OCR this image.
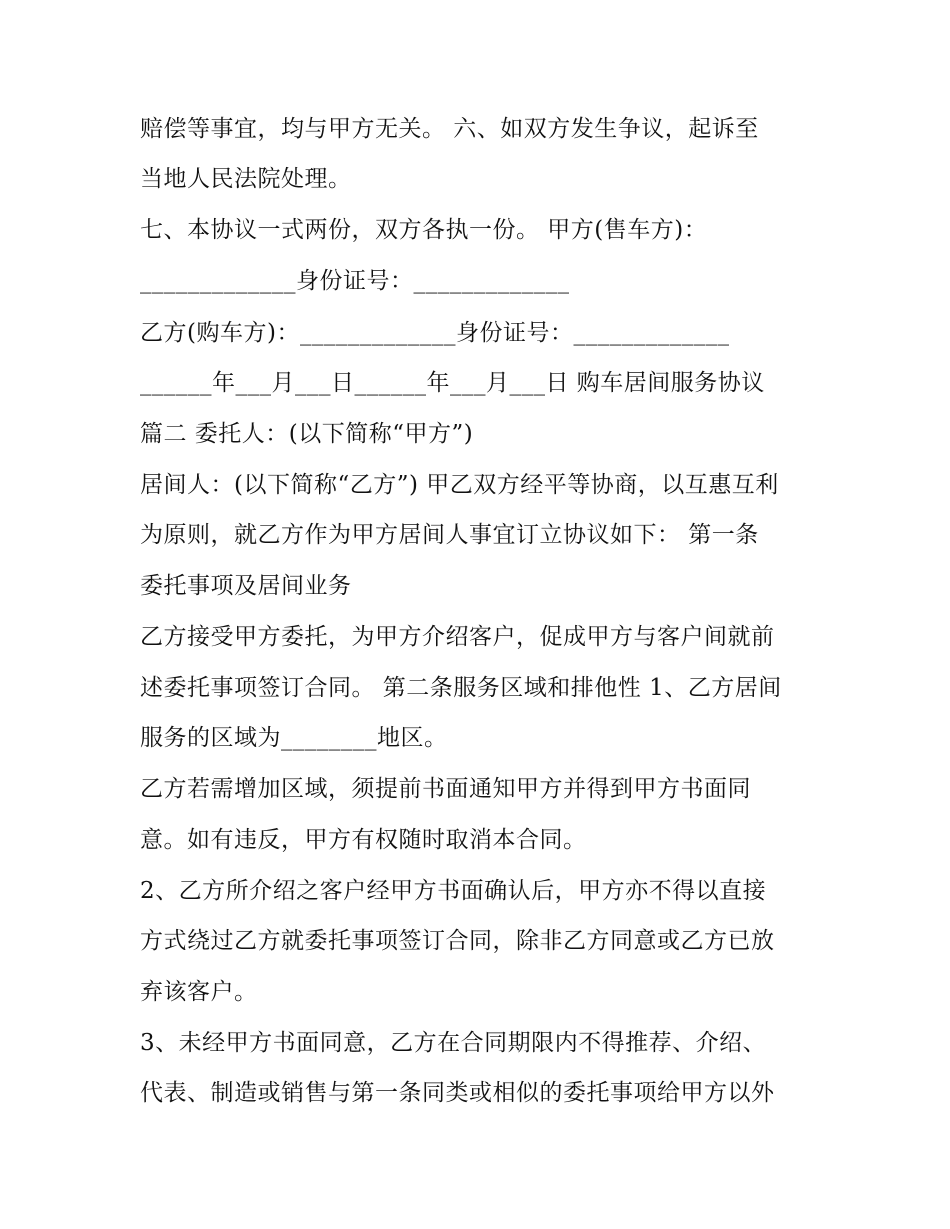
赔偿等事宜，均与甲方无关。 六、如双方发生争议，起诉至
当地人民法院处理。
七、本协议一式两份，双方各执一份。 甲方(售车方)：
_____________身份证号：_____________
乙方(购车方)：_____________身份证号：_____________
______年___月___日______年___月___日 购车居间服务协议
篇二 委托人：(以下简称“甲方”)
居间人：(以下简称“乙方”) 甲乙双方经平等协商，以互惠互利
为原则，就乙方作为甲方居间人事宜订立协议如下： 第一条
委托事项及居间业务
乙方接受甲方委托，为甲方介绍客户，促成甲方与客户间就前
述委托事项签订合同。 第二条服务区域和排他性 1、乙方居间
服务的区域为________地区。
乙方若需增加区域，须提前书面通知甲方并得到甲方书面同
意。如有违反，甲方有权随时取消本合同。
2、乙方所介绍之客户经甲方书面确认后，甲方亦不得以直接
方式绕过乙方就委托事项签订合同，除非乙方同意或乙方已放
弃该客户。
3、未经甲方书面同意，乙方在合同期限内不得推荐、介绍、
代表、制造或销售与第一条同类或相似的委托事项给甲方以外
